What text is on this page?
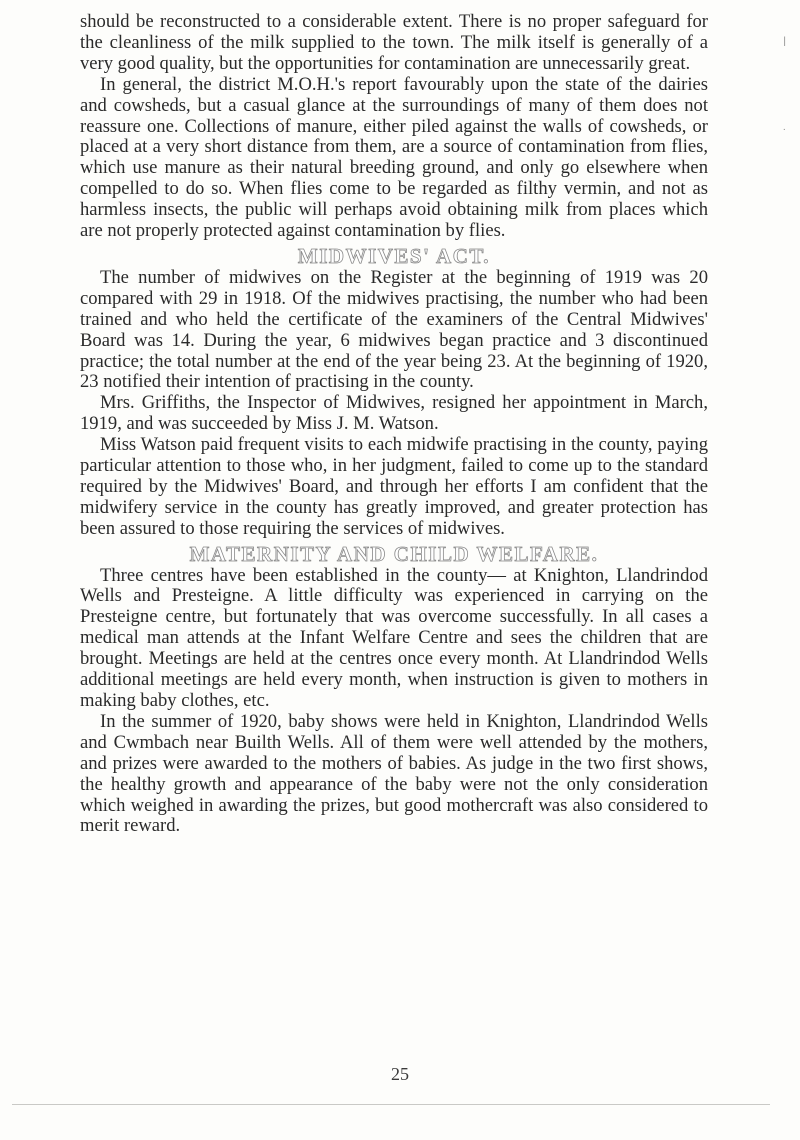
should be reconstructed to a considerable extent. There is no proper safeguard for the cleanliness of the milk supplied to the town. The milk itself is generally of a very good quality, but the opportunities for contamination are unnecessarily great.

In general, the district M.O.H.'s report favourably upon the state of the dairies and cowsheds, but a casual glance at the surroundings of many of them does not reassure one. Collections of manure, either piled against the walls of cowsheds, or placed at a very short distance from them, are a source of contamination from flies, which use manure as their natural breeding ground, and only go elsewhere when compelled to do so. When flies come to be regarded as filthy vermin, and not as harmless insects, the public will perhaps avoid obtaining milk from places which are not properly protected against contamination by flies.

MIDWIVES' ACT.

The number of midwives on the Register at the beginning of 1919 was 20 compared with 29 in 1918. Of the midwives practising, the number who had been trained and who held the certificate of the examiners of the Central Midwives' Board was 14. During the year, 6 midwives began practice and 3 discontinued practice; the total number at the end of the year being 23. At the beginning of 1920, 23 notified their intention of practising in the county.

Mrs. Griffiths, the Inspector of Midwives, resigned her appointment in March, 1919, and was succeeded by Miss J. M. Watson.

Miss Watson paid frequent visits to each midwife practising in the county, paying particular attention to those who, in her judgment, failed to come up to the standard required by the Midwives' Board, and through her efforts I am confident that the midwifery service in the county has greatly improved, and greater protection has been assured to those requiring the services of midwives.

MATERNITY AND CHILD WELFARE.

Three centres have been established in the county— at Knighton, Llandrindod Wells and Presteigne. A little difficulty was experienced in carrying on the Presteigne centre, but fortunately that was overcome successfully. In all cases a medical man attends at the Infant Welfare Centre and sees the children that are brought. Meetings are held at the centres once every month. At Llandrindod Wells additional meetings are held every month, when instruction is given to mothers in making baby clothes, etc.

In the summer of 1920, baby shows were held in Knighton, Llandrindod Wells and Cwmbach near Builth Wells. All of them were well attended by the mothers, and prizes were awarded to the mothers of babies. As judge in the two first shows, the healthy growth and appearance of the baby were not the only consideration which weighed in awarding the prizes, but good mothercraft was also considered to merit reward.

25
|
·
